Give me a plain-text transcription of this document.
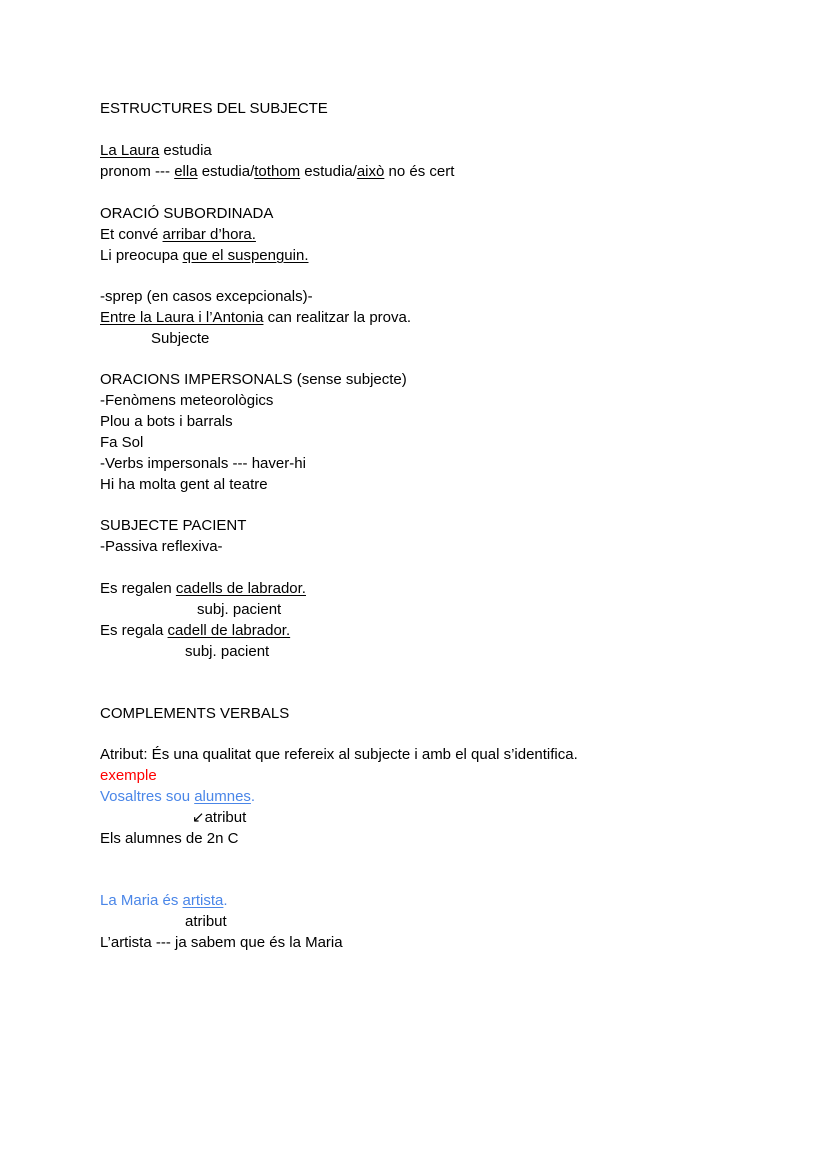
ESTRUCTURES DEL SUBJECTE
La Laura estudia
pronom --- ella estudia/tothom estudia/això no és cert
ORACIÓ SUBORDINADA
Et convé arribar d’hora.
Li preocupa que el suspenguin.
-sprep (en casos excepcionals)-
Entre la Laura i l’Antonia can realitzar la prova.
Subjecte
ORACIONS IMPERSONALS (sense subjecte)
-Fenòmens meteorològics
Plou a bots i barrals
Fa Sol
-Verbs impersonals --- haver-hi
Hi ha molta gent al teatre
SUBJECTE PACIENT
-Passiva reflexiva-
Es regalen cadells de labrador.
subj. pacient
Es regala cadell de labrador.
subj. pacient
COMPLEMENTS VERBALS
Atribut: És una qualitat que refereix al subjecte i amb el qual s’identifica.
exemple
Vosaltres sou alumnes.
↙atribut
Els alumnes de 2n C
La Maria és artista.
atribut
L’artista --- ja sabem que és la Maria
